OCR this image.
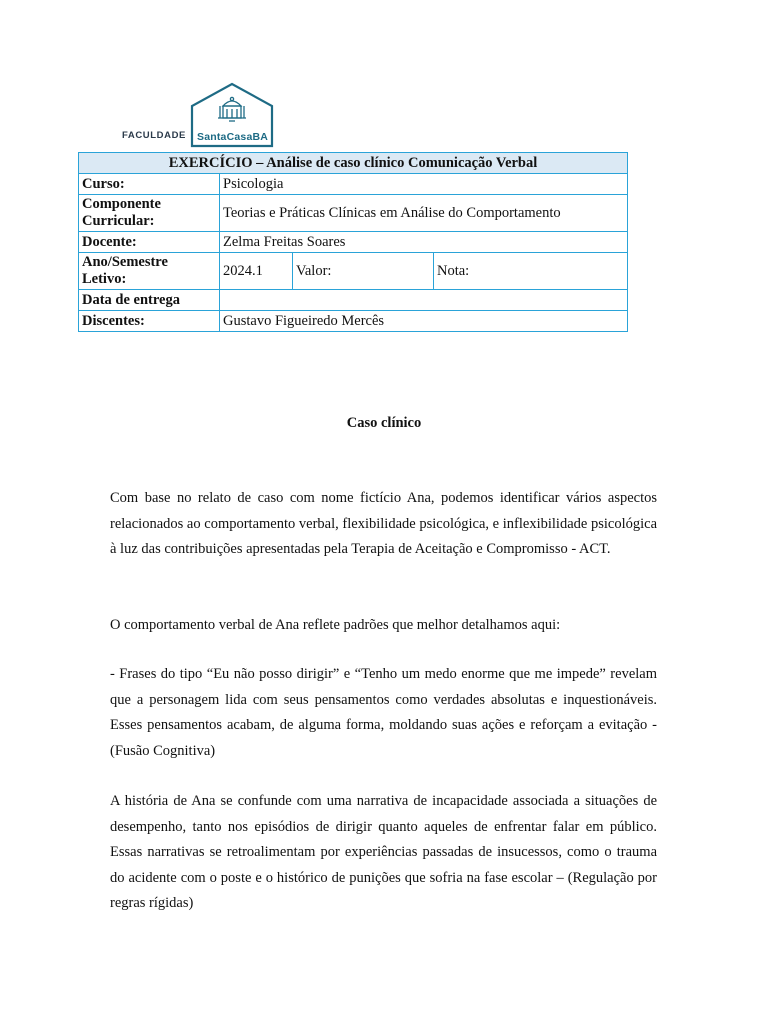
FACULDADE SantaCasaBA
EXERCÍCIO – Análise de caso clínico Comunicação Verbal			
Curso:	Psicologia		
Componente
Curricular:	Teorias e Práticas Clínicas em Análise do Comportamento		
Docente:	Zelma Freitas Soares		
Ano/Semestre
Letivo:	2024.1	Valor:	Nota:
Data de entrega			
Discentes:	Gustavo Figueiredo Mercês		
Caso clínico

Com base no relato de caso com nome fictício Ana, podemos identificar vários aspectos relacionados ao comportamento verbal, flexibilidade psicológica, e inflexibilidade psicológica à luz das contribuições apresentadas pela Terapia de Aceitação e Compromisso - ACT.

O comportamento verbal de Ana reflete padrões que melhor detalhamos aqui:

- Frases do tipo “Eu não posso dirigir” e “Tenho um medo enorme que me impede” revelam que a personagem lida com seus pensamentos como verdades absolutas e inquestionáveis. Esses pensamentos acabam, de alguma forma, moldando suas ações e reforçam a evitação - (Fusão Cognitiva)

A história de Ana se confunde com uma narrativa de incapacidade associada a situações de desempenho, tanto nos episódios de dirigir quanto aqueles de enfrentar falar em público. Essas narrativas se retroalimentam por experiências passadas de insucessos, como o trauma do acidente com o poste e o histórico de punições que sofria na fase escolar – (Regulação por regras rígidas)
